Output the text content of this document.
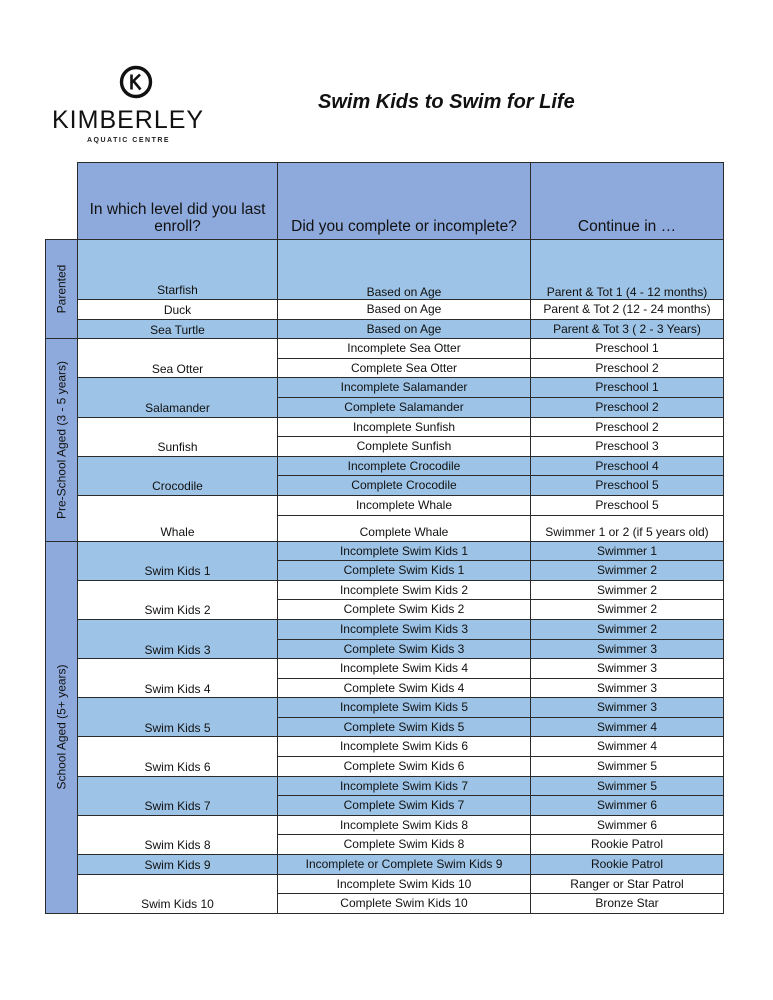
K
KIMBERLEY
AQUATIC CENTRE
Swim Kids to Swim for Life
	In which level did you last enroll?	Did you complete or incomplete?	Continue in …

Parented	Starfish	Based on Age	Parent & Tot 1 (4 - 12 months)
	Duck	Based on Age	Parent & Tot 2 (12 - 24 months)
	Sea Turtle	Based on Age	Parent & Tot 3 ( 2 - 3 Years)

Pre-School Aged (3 - 5 years)	Sea Otter	Incomplete Sea Otter	Preschool 1
		Complete Sea Otter	Preschool 2
	Salamander	Incomplete Salamander	Preschool 1
		Complete Salamander	Preschool 2
	Sunfish	Incomplete Sunfish	Preschool 2
		Complete Sunfish	Preschool 3
	Crocodile	Incomplete Crocodile	Preschool 4
		Complete Crocodile	Preschool 5
	Whale	Incomplete Whale	Preschool 5
		Complete Whale	Swimmer 1 or 2 (if 5 years old)

School Aged (5+ years)	Swim Kids 1	Incomplete Swim Kids 1	Swimmer 1
		Complete Swim Kids 1	Swimmer 2
	Swim Kids 2	Incomplete Swim Kids 2	Swimmer 2
		Complete Swim Kids 2	Swimmer 2
	Swim Kids 3	Incomplete Swim Kids 3	Swimmer 2
		Complete Swim Kids 3	Swimmer 3
	Swim Kids 4	Incomplete Swim Kids 4	Swimmer 3
		Complete Swim Kids 4	Swimmer 3
	Swim Kids 5	Incomplete Swim Kids 5	Swimmer 3
		Complete Swim Kids 5	Swimmer 4
	Swim Kids 6	Incomplete Swim Kids 6	Swimmer 4
		Complete Swim Kids 6	Swimmer 5
	Swim Kids 7	Incomplete Swim Kids 7	Swimmer 5
		Complete Swim Kids 7	Swimmer 6
	Swim Kids 8	Incomplete Swim Kids 8	Swimmer 6
		Complete Swim Kids 8	Rookie Patrol
	Swim Kids 9	Incomplete or Complete Swim Kids 9	Rookie Patrol
	Swim Kids 10	Incomplete Swim Kids 10	Ranger or Star Patrol
		Complete Swim Kids 10	Bronze Star
